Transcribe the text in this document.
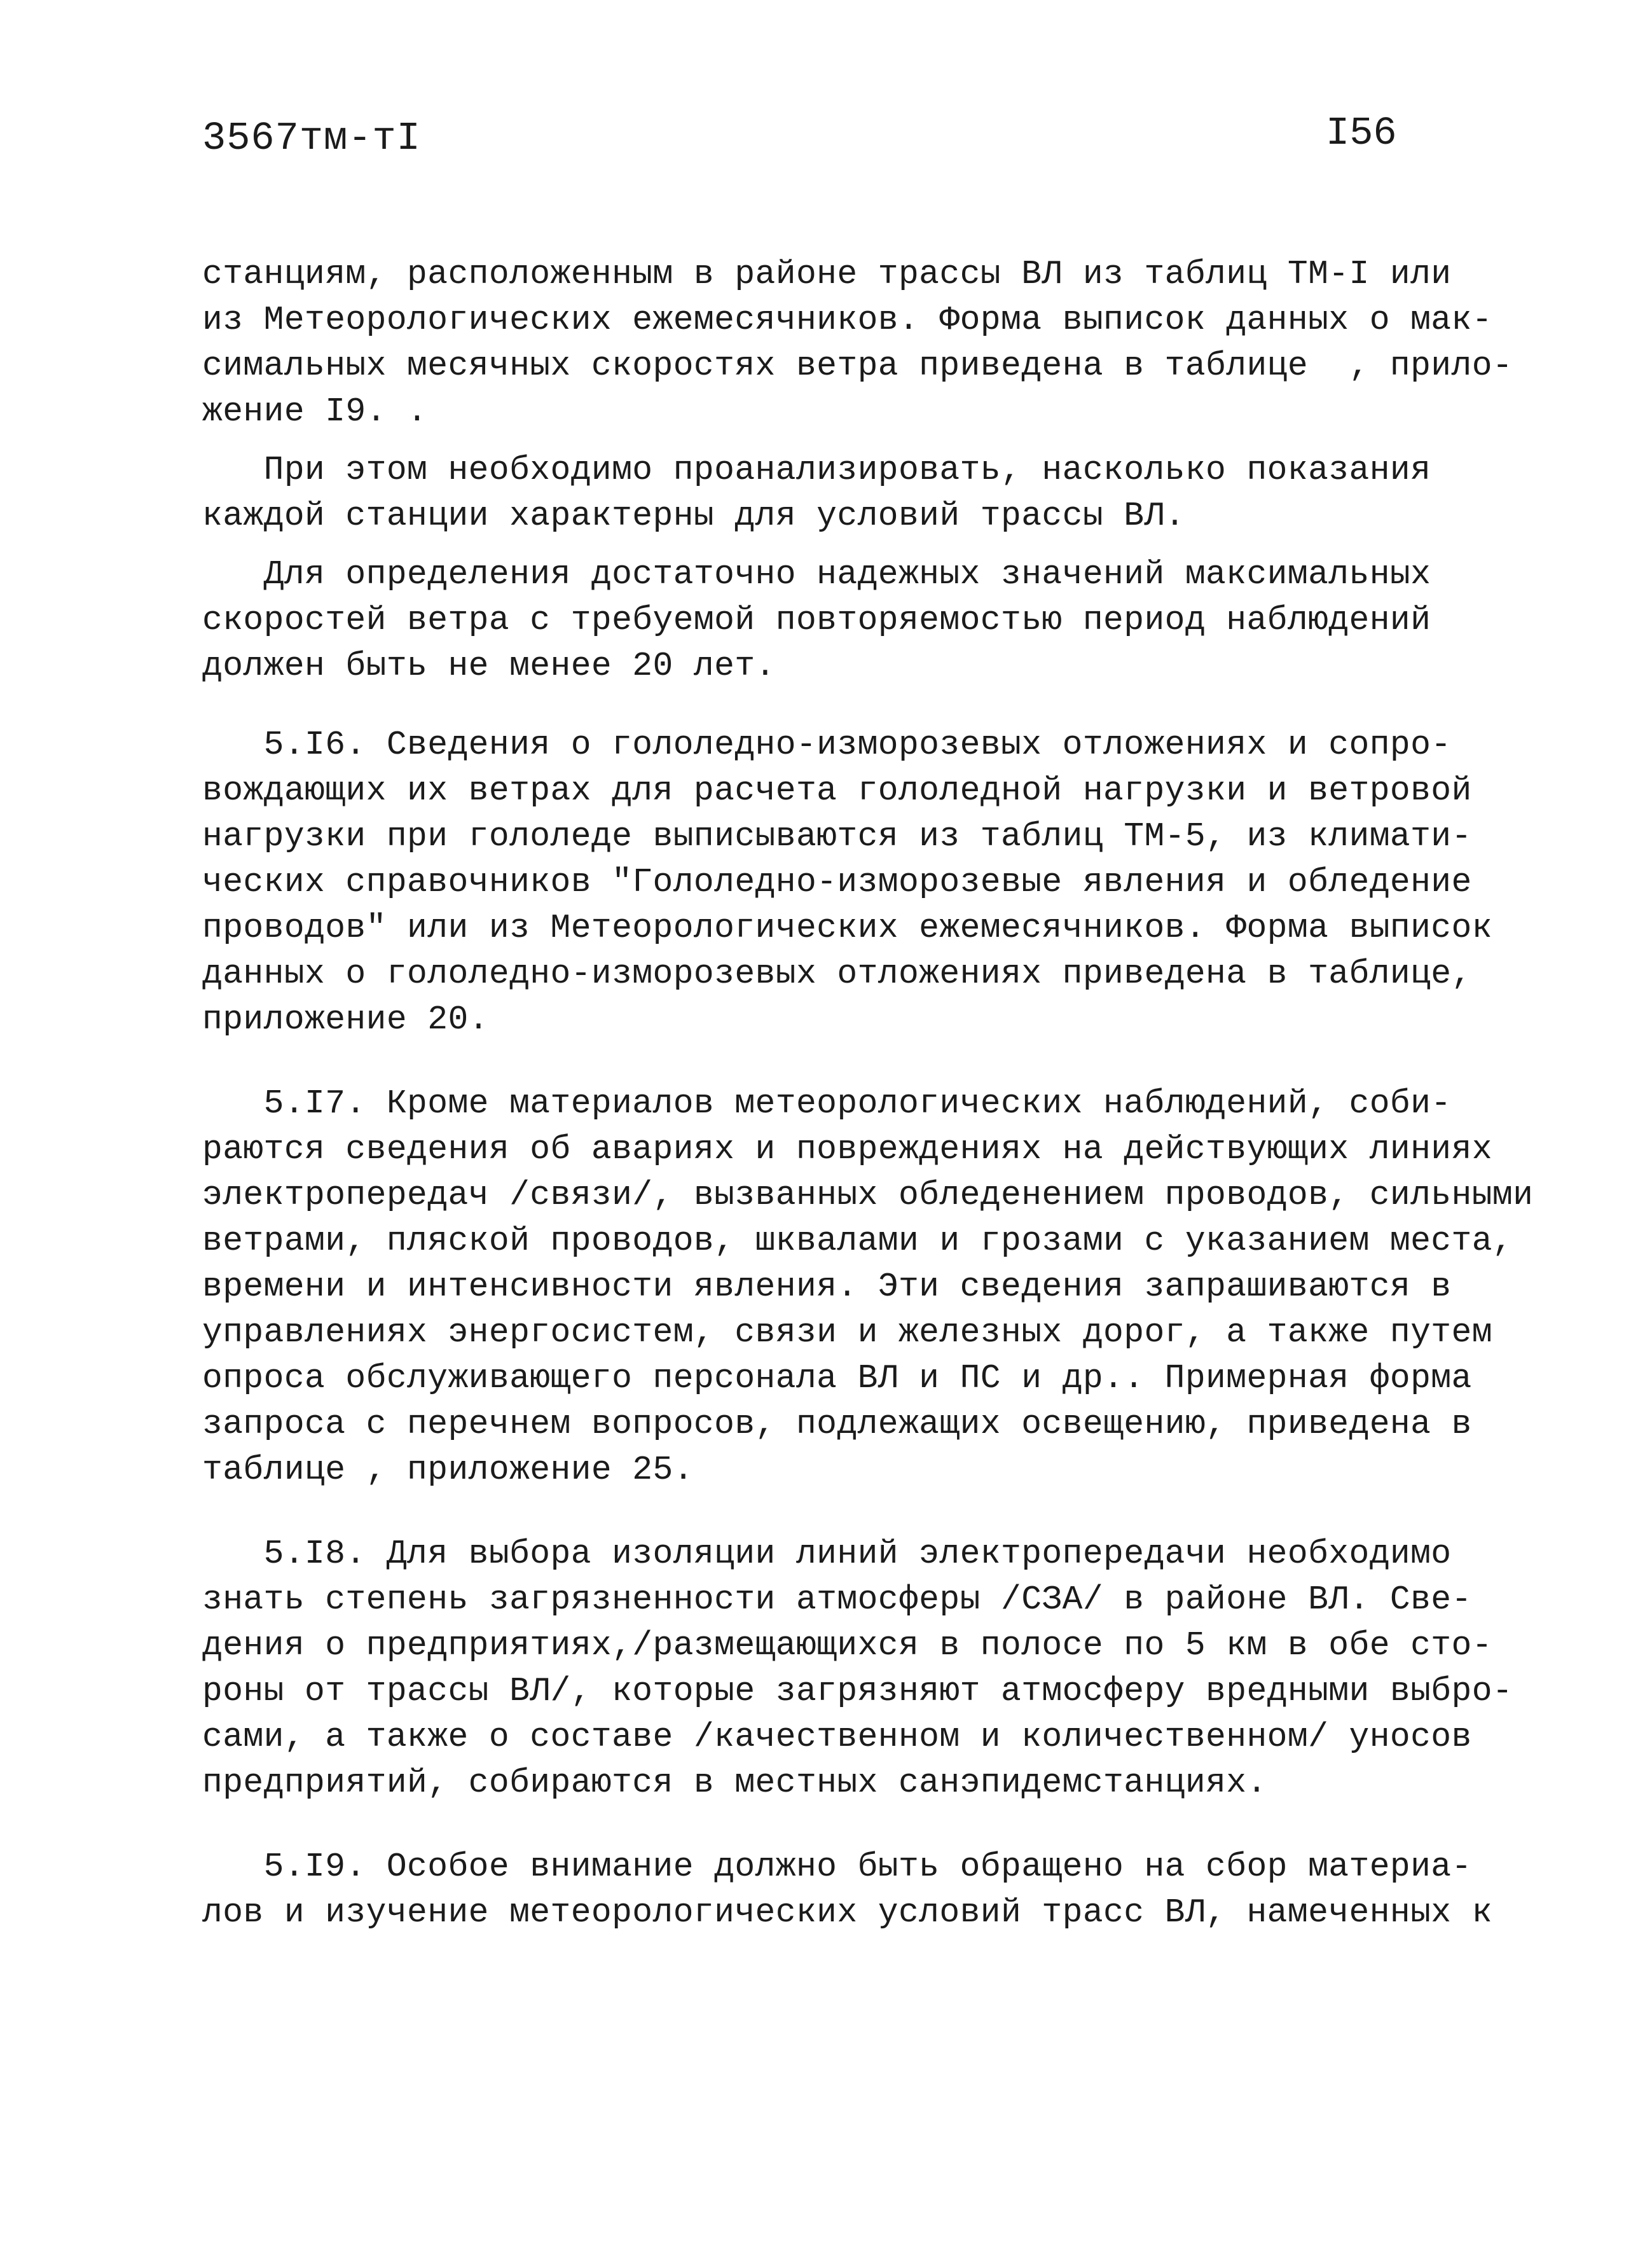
3567тм-тI	I56

станциям, расположенным в районе трассы ВЛ из таблиц ТМ-I или
из Метеорологических ежемесячников. Форма выписок данных о мак-
симальных месячных скоростях ветра приведена в таблице  , прило-
жение I9. .

При этом необходимо проанализировать, насколько показания
каждой станции характерны для условий трассы ВЛ.

Для определения достаточно надежных значений максимальных
скоростей ветра с требуемой повторяемостью период наблюдений
должен быть не менее 20 лет.

5.I6. Сведения о гололедно-изморозевых отложениях и сопро-
вождающих их ветрах для расчета гололедной нагрузки и ветровой
нагрузки при гололеде выписываются из таблиц ТМ-5, из климати-
ческих справочников "Гололедно-изморозевые явления и обледение
проводов" или из Метеорологических ежемесячников. Форма выписок
данных о гололедно-изморозевых отложениях приведена в таблице,
приложение 20.

5.I7. Кроме материалов метеорологических наблюдений, соби-
раются сведения об авариях и повреждениях на действующих линиях
электропередач /связи/, вызванных обледенением проводов, сильными
ветрами, пляской проводов, шквалами и грозами с указанием места,
времени и интенсивности явления. Эти сведения запрашиваются в
управлениях энергосистем, связи и железных дорог, а также путем
опроса обслуживающего персонала ВЛ и ПС и др.. Примерная форма
запроса с перечнем вопросов, подлежащих освещению, приведена в
таблице , приложение 25.

5.I8. Для выбора изоляции линий электропередачи необходимо
знать степень загрязненности атмосферы /СЗА/ в районе ВЛ. Све-
дения о предприятиях,/размещающихся в полосе по 5 км в обе сто-
роны от трассы ВЛ/, которые загрязняют атмосферу вредными выбро-
сами, а также о составе /качественном и количественном/ уносов
предприятий, собираются в местных санэпидемстанциях.

5.I9. Особое внимание должно быть обращено на сбор материа-
лов и изучение метеорологических условий трасс ВЛ, намеченных к
